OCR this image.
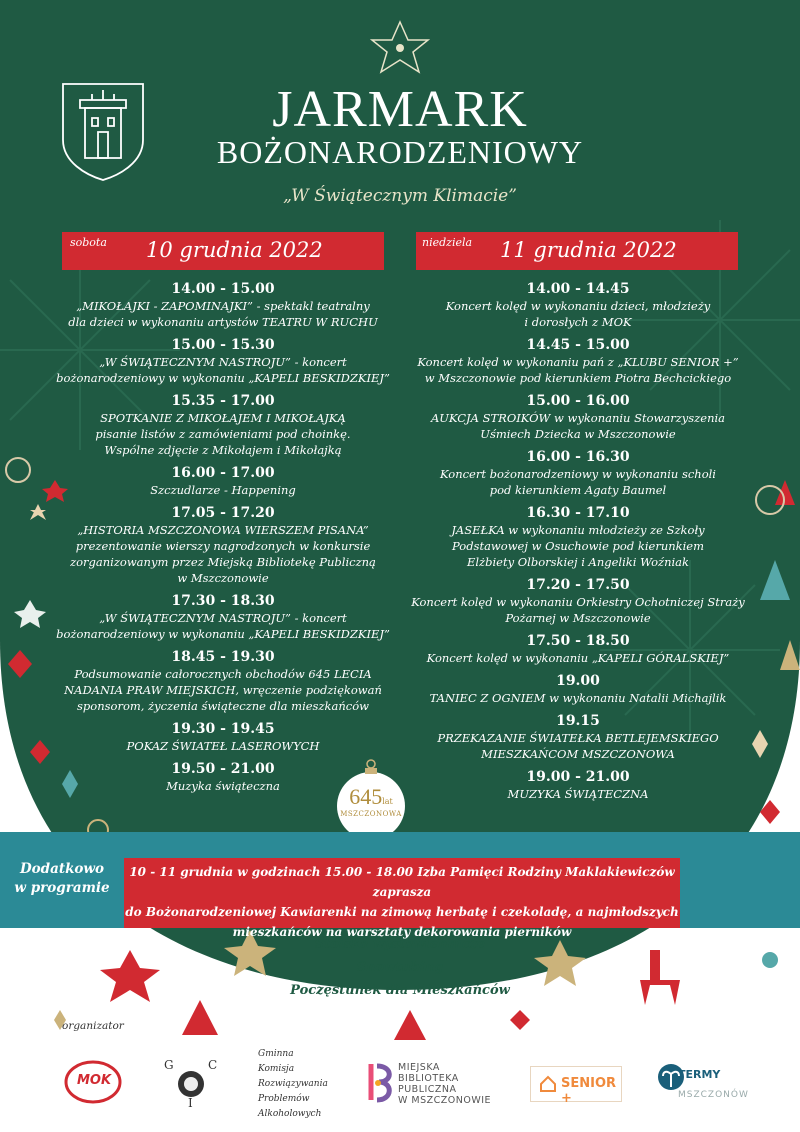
JARMARK
BOŻONARODZENIOWY
„W Świątecznym Klimacie”
sobota 10 grudnia 2022	niedziela 11 grudnia 2022
14.00 - 15.00
„MIKOŁAJKI - ZAPOMINAJKI” - spektakl teatralny
dla dzieci w wykonaniu artystów TEATRU W RUCHU
15.00 - 15.30
„W ŚWIĄTECZNYM NASTROJU” - koncert
bożonarodzeniowy w wykonaniu „KAPELI BESKIDZKIEJ”
15.35 - 17.00
SPOTKANIE Z MIKOŁAJEM I MIKOŁAJKĄ
pisanie listów z zamówieniami pod choinkę.
Wspólne zdjęcie z Mikołajem i Mikołajką
16.00 - 17.00
Szczudlarze - Happening
17.05 - 17.20
„HISTORIA MSZCZONOWA WIERSZEM PISANA”
prezentowanie wierszy nagrodzonych w konkursie
zorganizowanym przez Miejską Bibliotekę Publiczną
w Mszczonowie
17.30 - 18.30
„W ŚWIĄTECZNYM NASTROJU” - koncert
bożonarodzeniowy w wykonaniu „KAPELI BESKIDZKIEJ”
18.45 - 19.30
Podsumowanie całorocznych obchodów 645 LECIA
NADANIA PRAW MIEJSKICH, wręczenie podziękowań
sponsorom, życzenia świąteczne dla mieszkańców
19.30 - 19.45
POKAZ ŚWIATEŁ LASEROWYCH
19.50 - 21.00
Muzyka świąteczna
14.00 - 14.45
Koncert kolęd w wykonaniu dzieci, młodzieży
i dorosłych z MOK
14.45 - 15.00
Koncert kolęd w wykonaniu pań z „KLUBU SENIOR +”
w Mszczonowie pod kierunkiem Piotra Bechcickiego
15.00 - 16.00
AUKCJA STROIKÓW w wykonaniu Stowarzyszenia
Uśmiech Dziecka w Mszczonowie
16.00 - 16.30
Koncert bożonarodzeniowy w wykonaniu scholi
pod kierunkiem Agaty Baumel
16.30 - 17.10
JASEŁKA w wykonaniu młodzieży ze Szkoły
Podstawowej w Osuchowie pod kierunkiem
Elżbiety Olborskiej i Angeliki Woźniak
17.20 - 17.50
Koncert kolęd w wykonaniu Orkiestry Ochotniczej Straży
Pożarnej w Mszczonowie
17.50 - 18.50
Koncert kolęd w wykonaniu „KAPELI GÓRALSKIEJ”
19.00
TANIEC Z OGNIEM w wykonaniu Natalii Michajlik
19.15
PRZEKAZANIE ŚWIATEŁKA BETLEJEMSKIEGO
MIESZKAŃCOM MSZCZONOWA
19.00 - 21.00
MUZYKA ŚWIĄTECZNA
645lat
MSZCZONOWA
Dodatkowo
w programie
10 - 11 grudnia w godzinach 15.00 - 18.00 Izba Pamięci Rodziny Maklakiewiczów zaprasza
do Bożonarodzeniowej Kawiarenki na zimową herbatę i czekoladę, a najmłodszych
mieszkańców na warsztaty dekorowania pierników
Stoiska wystawiennicze
Snowtubing
Poczęstunek dla Mieszkańców
organizator
MOK
G	C
I
Gminna
Komisja
Rozwiązywania
Problemów
Alkoholowych
MIEJSKA
BIBLIOTEKA
PUBLICZNA
W MSZCZONOWIE
SENIOR +
TERMY
MSZCZONÓW
